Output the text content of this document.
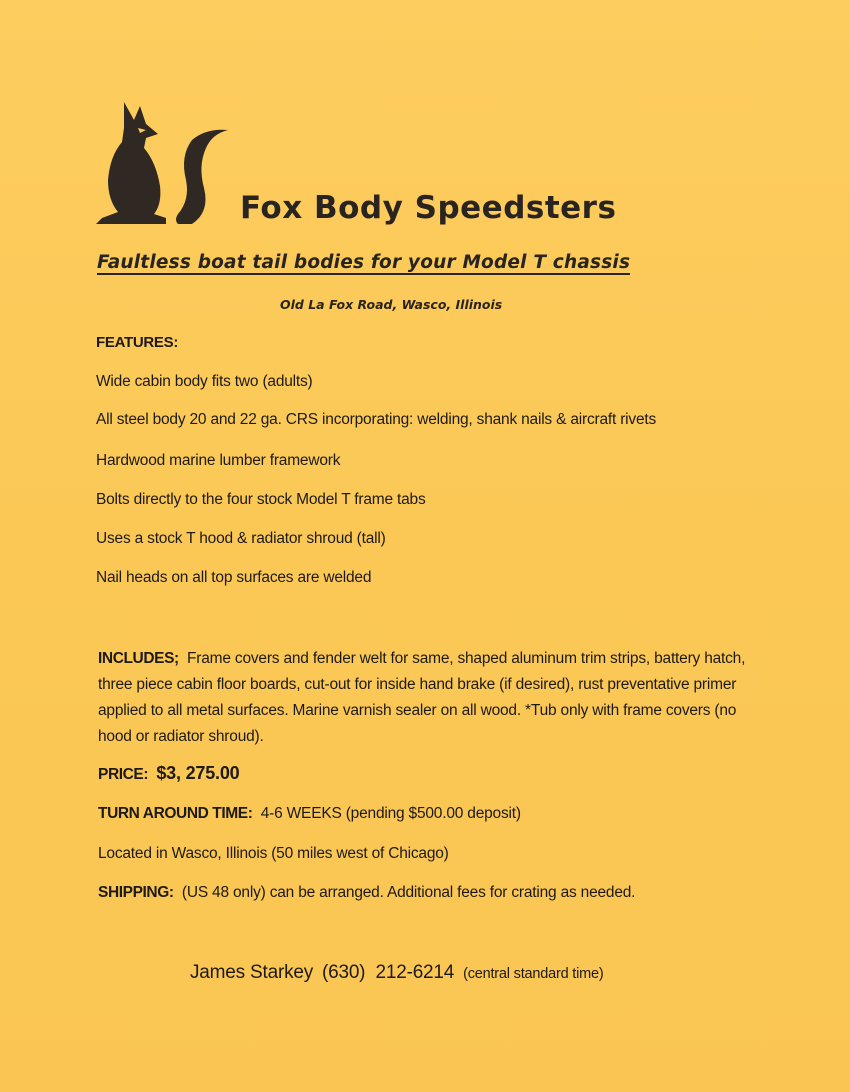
Fox Body Speedsters
Faultless boat tail bodies for your Model T chassis
Old La Fox Road, Wasco, Illinois
FEATURES:
Wide cabin body fits two (adults)
All steel body 20 and 22 ga. CRS incorporating: welding, shank nails & aircraft rivets
Hardwood marine lumber framework
Bolts directly to the four stock Model T frame tabs
Uses a stock T hood & radiator shroud (tall)
Nail heads on all top surfaces are welded
INCLUDES; Frame covers and fender welt for same, shaped aluminum trim strips, battery hatch, three piece cabin floor boards, cut-out for inside hand brake (if desired), rust preventative primer applied to all metal surfaces. Marine varnish sealer on all wood. *Tub only with frame covers (no hood or radiator shroud).
PRICE: $3, 275.00
TURN AROUND TIME: 4-6 WEEKS (pending $500.00 deposit)
Located in Wasco, Illinois (50 miles west of Chicago)
SHIPPING: (US 48 only) can be arranged. Additional fees for crating as needed.
James Starkey (630)  212-6214 (central standard time)
